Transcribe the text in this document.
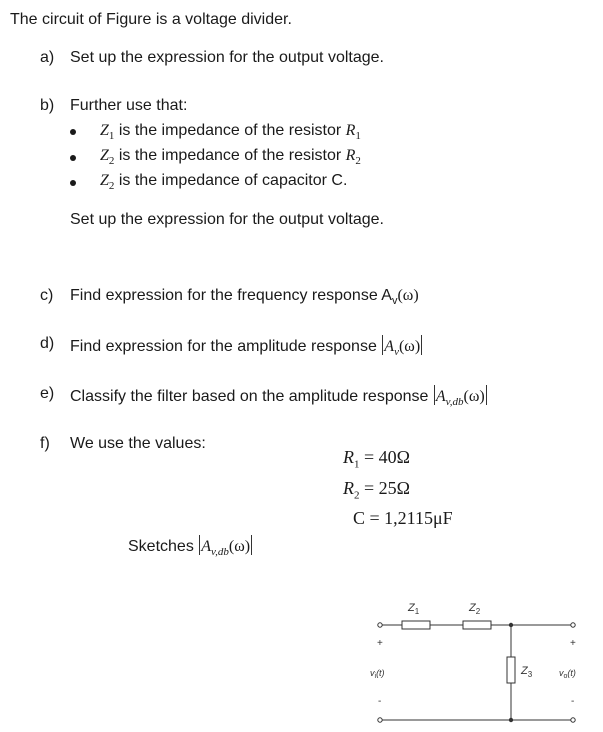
The circuit of Figure is a voltage divider.
a) Set up the expression for the output voltage.
b) Further use that:
$Z_1$ is the impedance of the resistor $R_1$
$Z_2$ is the impedance of the resistor $R_2$
$Z_2$ is the impedance of capacitor C.
Set up the expression for the output voltage.
c) Find expression for the frequency response $A_v(\omega)$
d) Find expression for the amplitude response $A_v(\omega)$
e) Classify the filter based on the amplitude response $A_{v,db}(\omega)$
f) We use the values:
$R_1 = 40\Omega$
$R_2 = 25\Omega$
C = 1,2115μF
Sketches $A_{v,db}(\omega)$
$Z_1$	$Z_2$
$Z_3$
+
$v_i(t)$
-
+
$v_o(t)$
-
